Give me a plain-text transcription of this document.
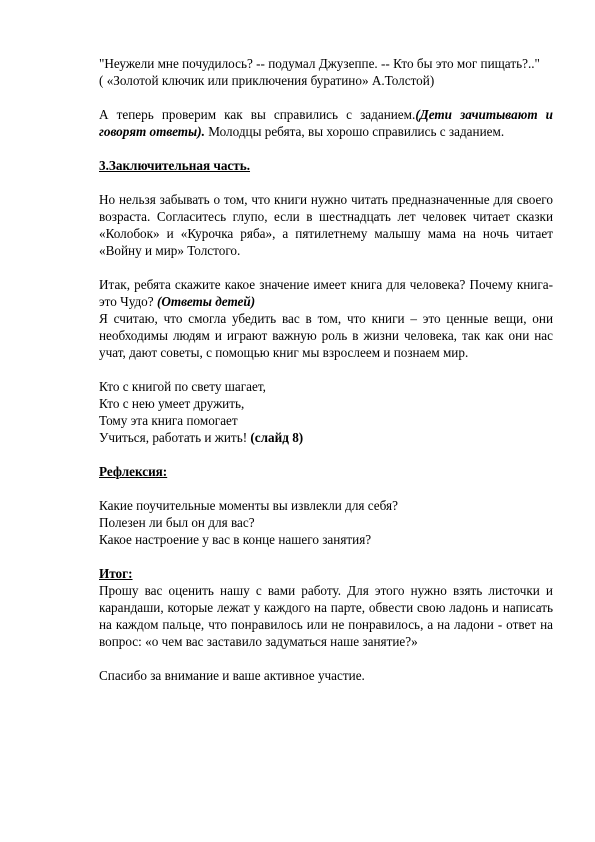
"Неужели мне почудилось? -- подумал Джузеппе. -- Кто бы это мог пищать?.."
( «Золотой ключик или приключения буратино» А.Толстой)

А теперь проверим как вы справились с заданием.(Дети зачитывают и говорят ответы). Молодцы ребята, вы хорошо справились с заданием.

3.Заключительная часть.

Но нельзя забывать о том, что книги нужно читать предназначенные для своего возраста. Согласитесь глупо, если в шестнадцать лет человек читает сказки «Колобок» и «Курочка ряба», а пятилетнему малышу мама на ночь читает «Войну и мир» Толстого.

Итак, ребята скажите какое значение имеет книга для человека? Почему книга-это Чудо? (Ответы детей)

Я считаю, что смогла убедить вас в том, что книги – это ценные вещи, они необходимы людям и играют важную роль в жизни человека, так как они нас учат, дают советы, с помощью книг мы взрослеем и познаем мир.

Кто с книгой по свету шагает,
Кто с нею умеет дружить,
Тому эта книга помогает
Учиться, работать и жить! (слайд 8)

Рефлексия:

Какие поучительные моменты вы извлекли для себя?
Полезен ли был он для вас?
Какое настроение у вас в конце нашего занятия?

Итог:

Прошу вас оценить нашу с вами работу. Для этого нужно взять листочки и карандаши, которые лежат у каждого на парте, обвести свою ладонь и написать на каждом пальце, что понравилось или не понравилось, а на ладони - ответ на вопрос: «о чем вас заставило задуматься наше занятие?»

Спасибо за внимание и ваше активное участие.
